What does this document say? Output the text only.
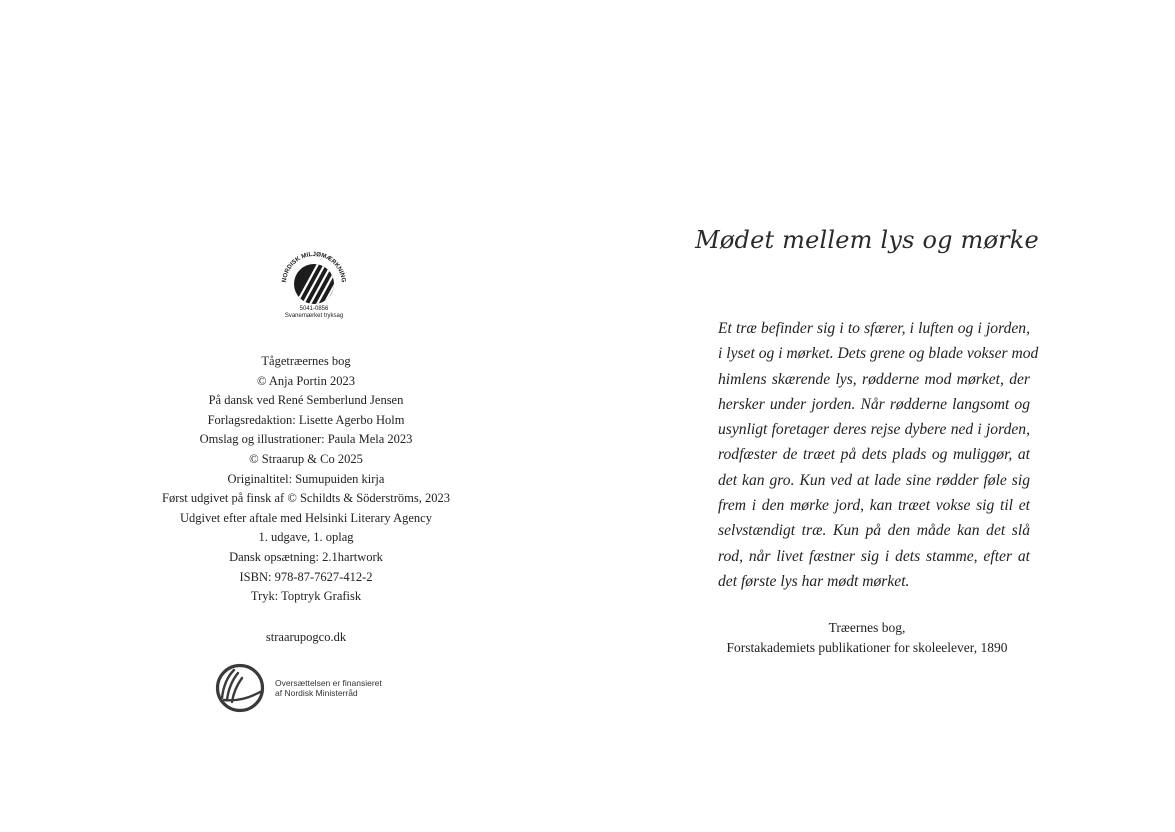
NORDISK MILJØMÆRKNING
5041-0856
Svanemærket tryksag
Tågetræernes bog
© Anja Portin 2023
På dansk ved René Semberlund Jensen
Forlagsredaktion: Lisette Agerbo Holm
Omslag og illustrationer: Paula Mela 2023
© Straarup & Co 2025
Originaltitel: Sumupuiden kirja
Først udgivet på finsk af © Schildts & Söderströms, 2023
Udgivet efter aftale med Helsinki Literary Agency
1. udgave, 1. oplag
Dansk opsætning: 2.1hartwork
ISBN: 978-87-7627-412-2
Tryk: Toptryk Grafisk
straarupogco.dk
Oversættelsen er finansieret
af Nordisk Ministerråd
Mødet mellem lys og mørke
Et træ befinder sig i to sfærer, i luften og i jorden,
i lyset og i mørket. Dets grene og blade vokser mod
himlens skærende lys, rødderne mod mørket, der
hersker under jorden. Når rødderne langsomt og
usynligt foretager deres rejse dybere ned i jorden,
rodfæster de træet på dets plads og muliggør, at
det kan gro. Kun ved at lade sine rødder føle sig
frem i den mørke jord, kan træet vokse sig til et
selvstændigt træ. Kun på den måde kan det slå
rod, når livet fæstner sig i dets stamme, efter at
det første lys har mødt mørket.
Træernes bog,
Forstakademiets publikationer for skoleelever, 1890
